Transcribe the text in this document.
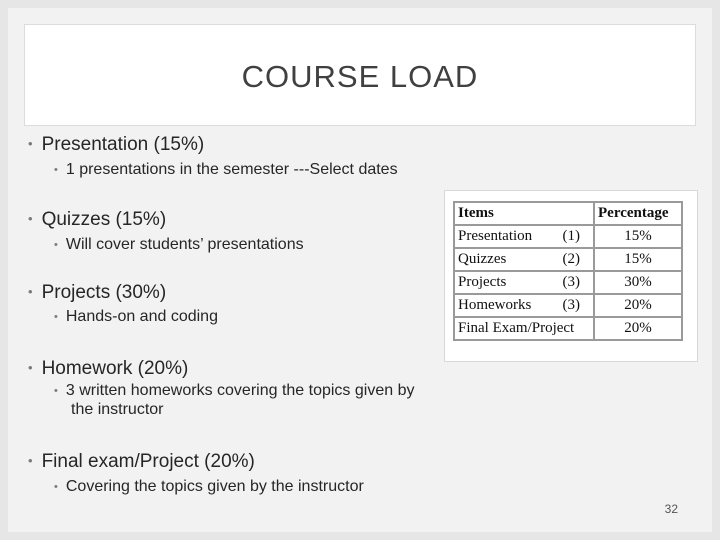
COURSE LOAD
• Presentation (15%)
• 1 presentations in the semester ---Select dates
• Quizzes (15%)
• Will cover students’ presentations
• Projects (30%)
• Hands-on and coding
• Homework (20%)
• 3 written homeworks covering the topics given by
the instructor
• Final exam/Project (20%)
• Covering the topics given by the instructor
Items	Percentage
Presentation (1)	15%
Quizzes (2)	15%
Projects (3)	30%
Homeworks (3)	20%
Final Exam/Project	20%
32
